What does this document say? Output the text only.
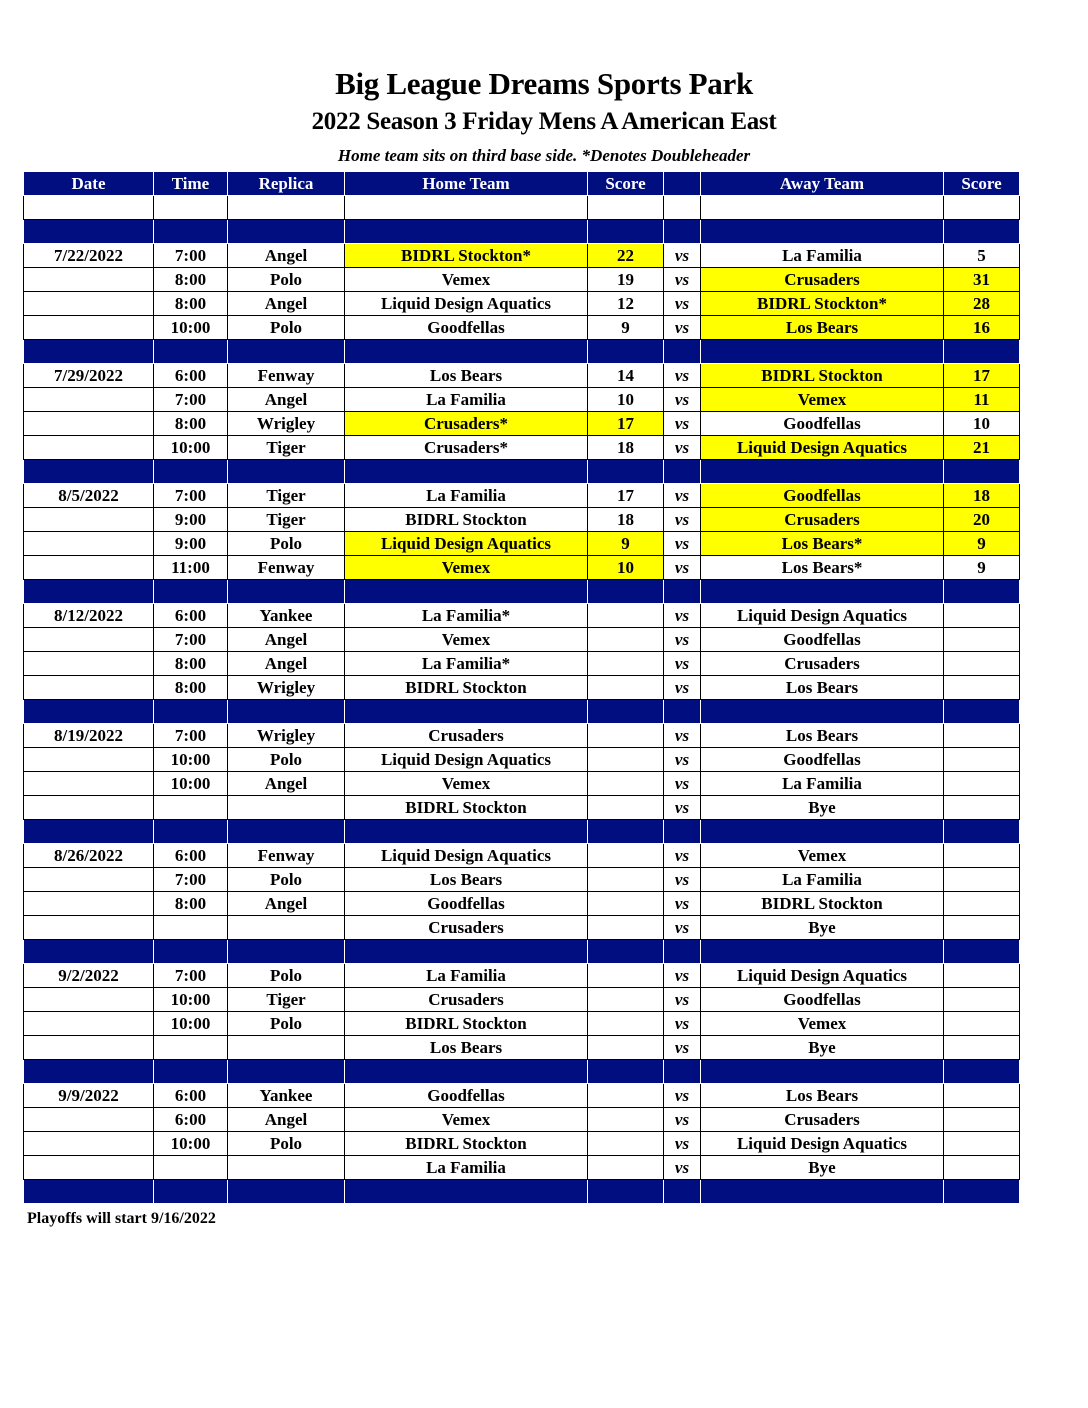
Big League Dreams Sports Park
2022 Season 3 Friday Mens A American East
Home team sits on third base side. *Denotes Doubleheader
Date	Time	Replica	Home Team	Score		Away Team	Score

7/22/2022	7:00	Angel	BIDRL Stockton*	22	vs	La Familia	5
	8:00	Polo	Vemex	19	vs	Crusaders	31
	8:00	Angel	Liquid Design Aquatics	12	vs	BIDRL Stockton*	28
	10:00	Polo	Goodfellas	9	vs	Los Bears	16

7/29/2022	6:00	Fenway	Los Bears	14	vs	BIDRL Stockton	17
	7:00	Angel	La Familia	10	vs	Vemex	11
	8:00	Wrigley	Crusaders*	17	vs	Goodfellas	10
	10:00	Tiger	Crusaders*	18	vs	Liquid Design Aquatics	21

8/5/2022	7:00	Tiger	La Familia	17	vs	Goodfellas	18
	9:00	Tiger	BIDRL Stockton	18	vs	Crusaders	20
	9:00	Polo	Liquid Design Aquatics	9	vs	Los Bears*	9
	11:00	Fenway	Vemex	10	vs	Los Bears*	9

8/12/2022	6:00	Yankee	La Familia*		vs	Liquid Design Aquatics	
	7:00	Angel	Vemex		vs	Goodfellas	
	8:00	Angel	La Familia*		vs	Crusaders	
	8:00	Wrigley	BIDRL Stockton		vs	Los Bears	

8/19/2022	7:00	Wrigley	Crusaders		vs	Los Bears	
	10:00	Polo	Liquid Design Aquatics		vs	Goodfellas	
	10:00	Angel	Vemex		vs	La Familia	
			BIDRL Stockton		vs	Bye	

8/26/2022	6:00	Fenway	Liquid Design Aquatics		vs	Vemex	
	7:00	Polo	Los Bears		vs	La Familia	
	8:00	Angel	Goodfellas		vs	BIDRL Stockton	
			Crusaders		vs	Bye	

9/2/2022	7:00	Polo	La Familia		vs	Liquid Design Aquatics	
	10:00	Tiger	Crusaders		vs	Goodfellas	
	10:00	Polo	BIDRL Stockton		vs	Vemex	
			Los Bears		vs	Bye	

9/9/2022	6:00	Yankee	Goodfellas		vs	Los Bears	
	6:00	Angel	Vemex		vs	Crusaders	
	10:00	Polo	BIDRL Stockton		vs	Liquid Design Aquatics	
			La Familia		vs	Bye	

Playoffs will start 9/16/2022
